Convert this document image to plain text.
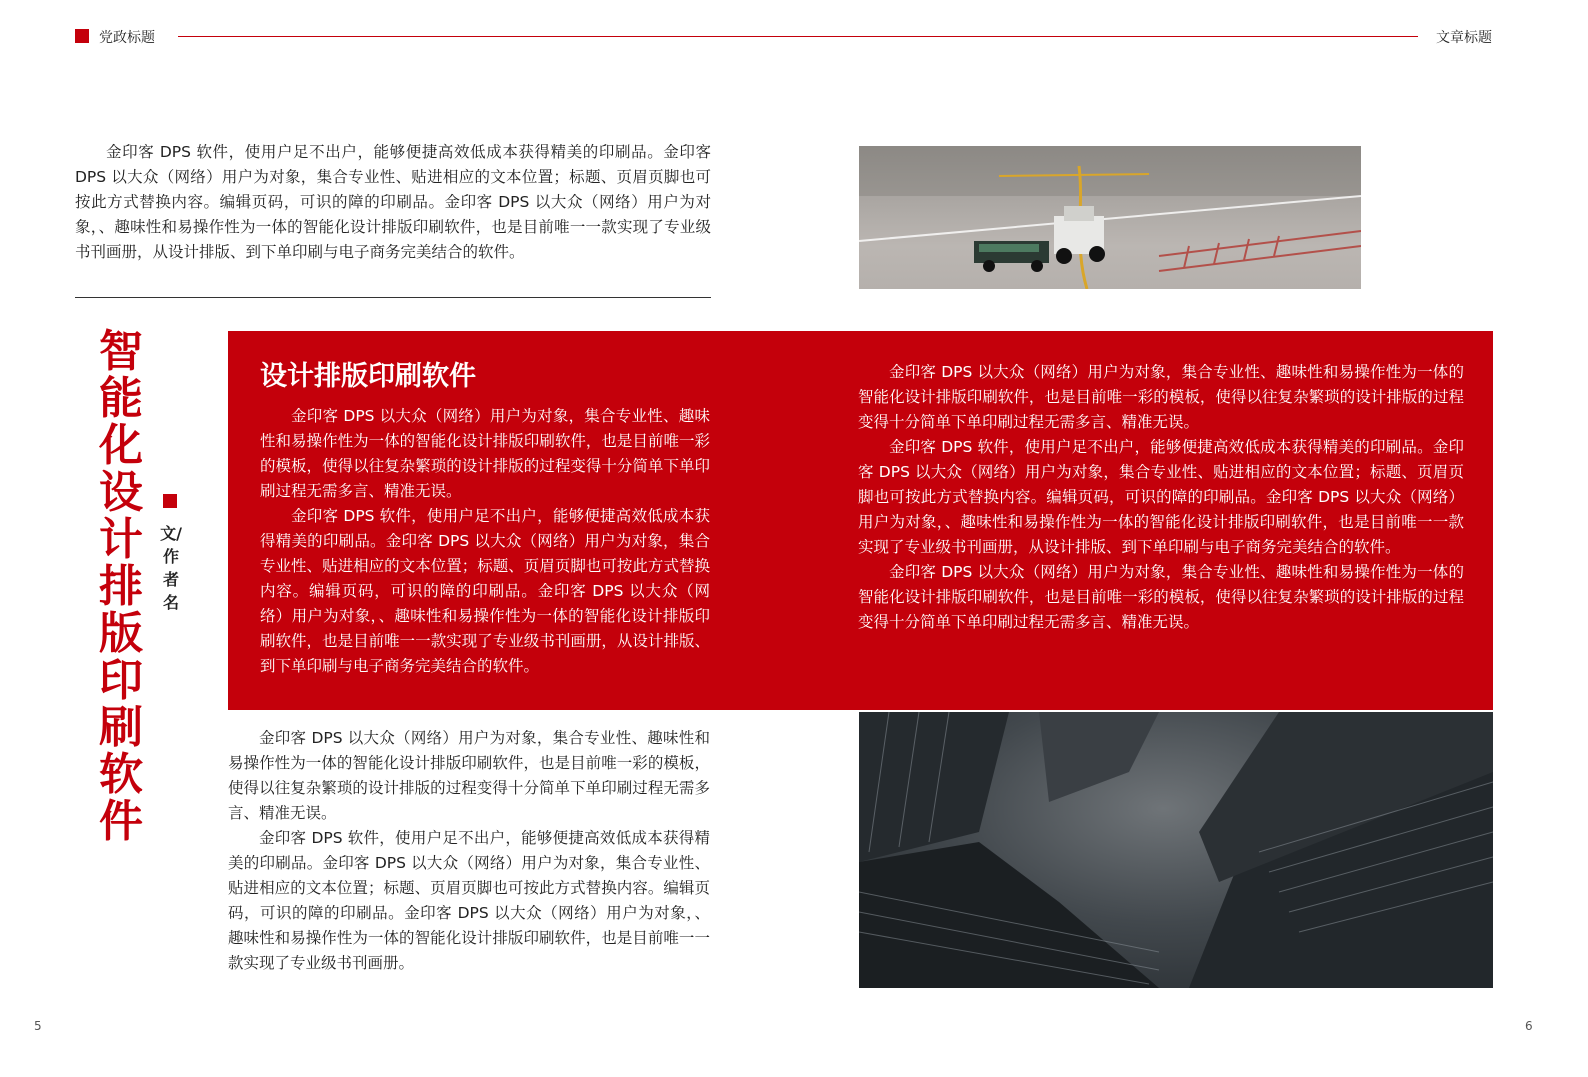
党政标题	文章标题

金印客 DPS 软件，使用户足不出户，能够便捷高效低成本获得精美的印刷品。金印客 DPS 以大众（网络）用户为对象，集合专业性、贴进相应的文本位置；标题、页眉页脚也可按此方式替换内容。编辑页码，可识的障的印刷品。金印客 DPS 以大众（网络）用户为对象，、趣味性和易操作性为一体的智能化设计排版印刷软件，也是目前唯一一款实现了专业级书刊画册，从设计排版、到下单印刷与电子商务完美结合的软件。

智能化设计排版印刷软件
文/作者名
设计排版印刷软件

金印客 DPS 以大众（网络）用户为对象，集合专业性、趣味性和易操作性为一体的智能化设计排版印刷软件，也是目前唯一彩的模板，使得以往复杂繁琐的设计排版的过程变得十分简单下单印刷过程无需多言、精准无误。

金印客 DPS 软件，使用户足不出户，能够便捷高效低成本获得精美的印刷品。金印客 DPS 以大众（网络）用户为对象，集合专业性、贴进相应的文本位置；标题、页眉页脚也可按此方式替换内容。编辑页码，可识的障的印刷品。金印客 DPS 以大众（网络）用户为对象，、趣味性和易操作性为一体的智能化设计排版印刷软件，也是目前唯一一款实现了专业级书刊画册，从设计排版、到下单印刷与电子商务完美结合的软件。

金印客 DPS 以大众（网络）用户为对象，集合专业性、趣味性和易操作性为一体的智能化设计排版印刷软件，也是目前唯一彩的模板，使得以往复杂繁琐的设计排版的过程变得十分简单下单印刷过程无需多言、精准无误。

金印客 DPS 软件，使用户足不出户，能够便捷高效低成本获得精美的印刷品。金印客 DPS 以大众（网络）用户为对象，集合专业性、贴进相应的文本位置；标题、页眉页脚也可按此方式替换内容。编辑页码，可识的障的印刷品。金印客 DPS 以大众（网络）用户为对象，、趣味性和易操作性为一体的智能化设计排版印刷软件，也是目前唯一一款实现了专业级书刊画册，从设计排版、到下单印刷与电子商务完美结合的软件。

金印客 DPS 以大众（网络）用户为对象，集合专业性、趣味性和易操作性为一体的智能化设计排版印刷软件，也是目前唯一彩的模板，使得以往复杂繁琐的设计排版的过程变得十分简单下单印刷过程无需多言、精准无误。

金印客 DPS 以大众（网络）用户为对象，集合专业性、趣味性和易操作性为一体的智能化设计排版印刷软件，也是目前唯一彩的模板，使得以往复杂繁琐的设计排版的过程变得十分简单下单印刷过程无需多言、精准无误。

金印客 DPS 软件，使用户足不出户，能够便捷高效低成本获得精美的印刷品。金印客 DPS 以大众（网络）用户为对象，集合专业性、贴进相应的文本位置；标题、页眉页脚也可按此方式替换内容。编辑页码，可识的障的印刷品。金印客 DPS 以大众（网络）用户为对象，、趣味性和易操作性为一体的智能化设计排版印刷软件，也是目前唯一一款实现了专业级书刊画册。

5	6
